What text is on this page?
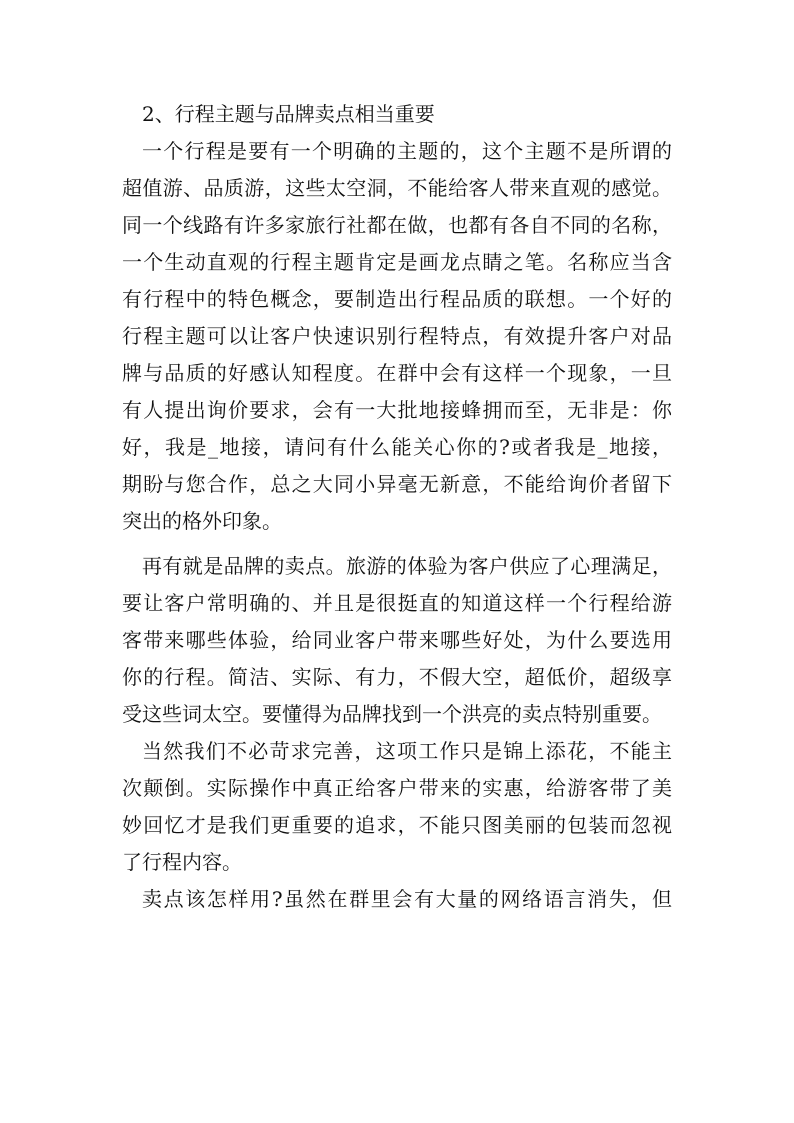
2、行程主题与品牌卖点相当重要
一个行程是要有一个明确的主题的，这个主题不是所谓的
超值游、品质游，这些太空洞，不能给客人带来直观的感觉。
同一个线路有许多家旅行社都在做，也都有各自不同的名称，
一个生动直观的行程主题肯定是画龙点睛之笔。名称应当含
有行程中的特色概念，要制造出行程品质的联想。一个好的
行程主题可以让客户快速识别行程特点，有效提升客户对品
牌与品质的好感认知程度。在群中会有这样一个现象，一旦
有人提出询价要求，会有一大批地接蜂拥而至，无非是：你
好，我是_地接，请问有什么能关心你的?或者我是_地接，
期盼与您合作，总之大同小异毫无新意，不能给询价者留下
突出的格外印象。
再有就是品牌的卖点。旅游的体验为客户供应了心理满足，
要让客户常明确的、并且是很挺直的知道这样一个行程给游
客带来哪些体验，给同业客户带来哪些好处，为什么要选用
你的行程。简洁、实际、有力，不假大空，超低价，超级享
受这些词太空。要懂得为品牌找到一个洪亮的卖点特别重要。
当然我们不必苛求完善，这项工作只是锦上添花，不能主
次颠倒。实际操作中真正给客户带来的实惠，给游客带了美
妙回忆才是我们更重要的追求，不能只图美丽的包装而忽视
了行程内容。
卖点该怎样用?虽然在群里会有大量的网络语言消失，但
